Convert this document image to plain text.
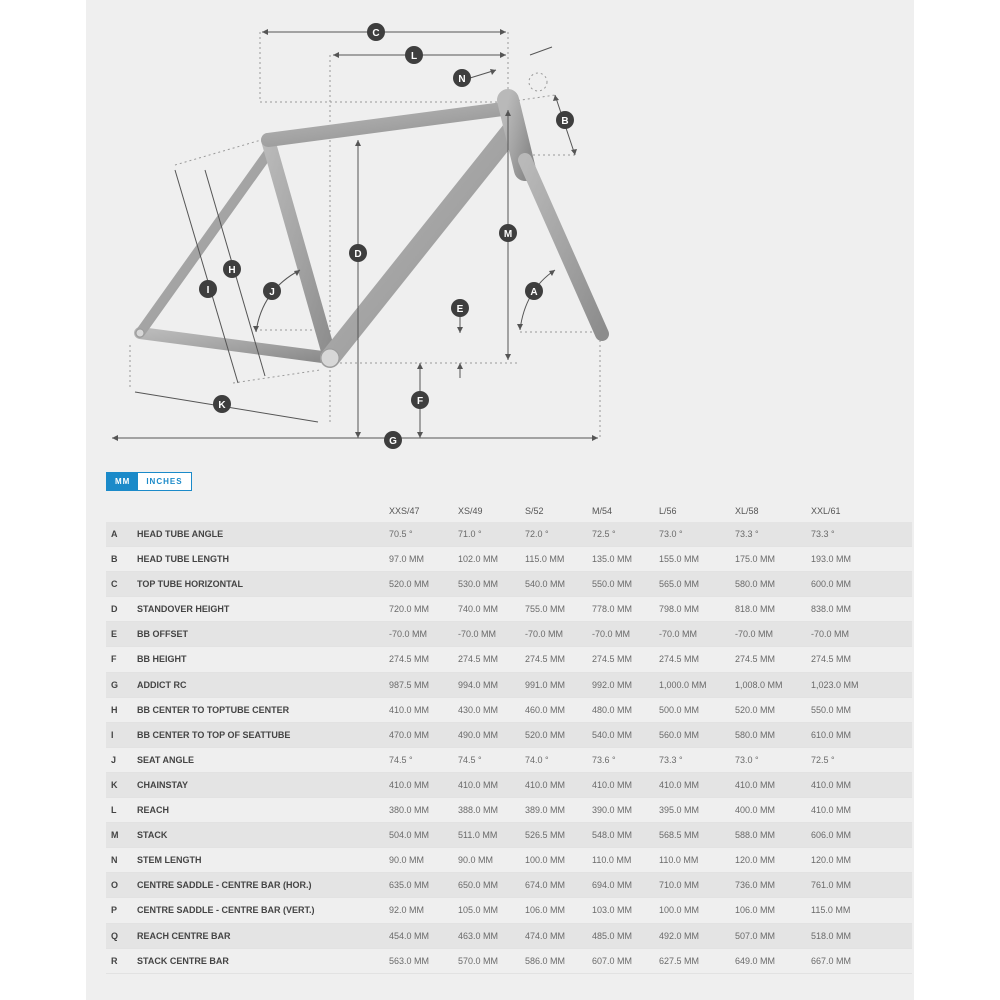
C
L
N
B
M
D
H
J
I	A
E
F
K
G
MM	INCHES
XXS/47	XS/49	S/52	M/54	L/56	XL/58	XXL/61
A HEAD TUBE ANGLE	70.5 °	71.0 °	72.0 °	72.5 °	73.0 °	73.3 °	73.3 °
B HEAD TUBE LENGTH	97.0 MM	102.0 MM	115.0 MM	135.0 MM	155.0 MM	175.0 MM	193.0 MM
C TOP TUBE HORIZONTAL	520.0 MM	530.0 MM	540.0 MM	550.0 MM	565.0 MM	580.0 MM	600.0 MM
D STANDOVER HEIGHT	720.0 MM	740.0 MM	755.0 MM	778.0 MM	798.0 MM	818.0 MM	838.0 MM
E BB OFFSET	-70.0 MM	-70.0 MM	-70.0 MM	-70.0 MM	-70.0 MM	-70.0 MM	-70.0 MM
F BB HEIGHT	274.5 MM	274.5 MM	274.5 MM	274.5 MM	274.5 MM	274.5 MM	274.5 MM
G ADDICT RC	987.5 MM	994.0 MM	991.0 MM	992.0 MM	1,000.0 MM	1,008.0 MM	1,023.0 MM
H BB CENTER TO TOPTUBE CENTER	410.0 MM	430.0 MM	460.0 MM	480.0 MM	500.0 MM	520.0 MM	550.0 MM
I	BB CENTER TO TOP OF SEATTUBE	470.0 MM	490.0 MM	520.0 MM	540.0 MM	560.0 MM	580.0 MM	610.0 MM
J SEAT ANGLE	74.5 °	74.5 °	74.0 °	73.6 °	73.3 °	73.0 °	72.5 °
K CHAINSTAY	410.0 MM	410.0 MM	410.0 MM	410.0 MM	410.0 MM	410.0 MM	410.0 MM
L REACH	380.0 MM	388.0 MM	389.0 MM	390.0 MM	395.0 MM	400.0 MM	410.0 MM
M STACK	504.0 MM	511.0 MM	526.5 MM	548.0 MM	568.5 MM	588.0 MM	606.0 MM
N STEM LENGTH	90.0 MM	90.0 MM	100.0 MM	110.0 MM	110.0 MM	120.0 MM	120.0 MM
O CENTRE SADDLE - CENTRE BAR (HOR.)	635.0 MM	650.0 MM	674.0 MM	694.0 MM	710.0 MM	736.0 MM	761.0 MM
P CENTRE SADDLE - CENTRE BAR (VERT.)	92.0 MM	105.0 MM	106.0 MM	103.0 MM	100.0 MM	106.0 MM	115.0 MM
Q REACH CENTRE BAR	454.0 MM	463.0 MM	474.0 MM	485.0 MM	492.0 MM	507.0 MM	518.0 MM
R STACK CENTRE BAR	563.0 MM	570.0 MM	586.0 MM	607.0 MM	627.5 MM	649.0 MM	667.0 MM
